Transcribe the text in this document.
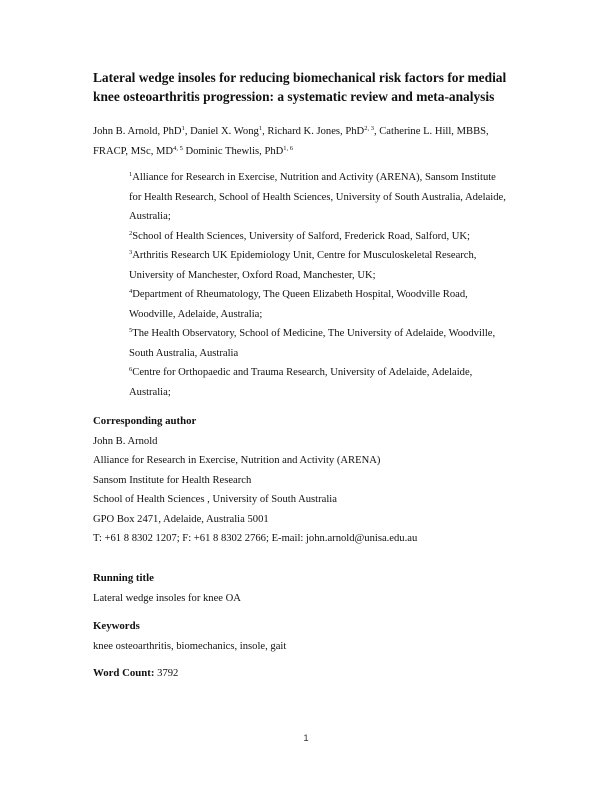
Lateral wedge insoles for reducing biomechanical risk factors for medial knee osteoarthritis progression: a systematic review and meta-analysis

John B. Arnold, PhD$^1$, Daniel X. Wong$^1$, Richard K. Jones, PhD$^{2, 3}$, Catherine L. Hill, MBBS, FRACP, MSc, MD$^{4, 5}$ Dominic Thewlis, PhD$^{1, 6}$

$^1$Alliance for Research in Exercise, Nutrition and Activity (ARENA), Sansom Institute for Health Research, School of Health Sciences, University of South Australia, Adelaide, Australia;
$^2$School of Health Sciences, University of Salford, Frederick Road, Salford, UK;
$^3$Arthritis Research UK Epidemiology Unit, Centre for Musculoskeletal Research, University of Manchester, Oxford Road, Manchester, UK;
$^4$Department of Rheumatology, The Queen Elizabeth Hospital, Woodville Road, Woodville, Adelaide, Australia;
$^5$The Health Observatory, School of Medicine, The University of Adelaide, Woodville, South Australia, Australia
$^6$Centre for Orthopaedic and Trauma Research, University of Adelaide, Adelaide, Australia;
Corresponding author
John B. Arnold
Alliance for Research in Exercise, Nutrition and Activity (ARENA)
Sansom Institute for Health Research
School of Health Sciences , University of South Australia
GPO Box 2471, Adelaide, Australia 5001
T: +61 8 8302 1207; F: +61 8 8302 2766; E-mail: john.arnold@unisa.edu.au
Running title
Lateral wedge insoles for knee OA
Keywords
knee osteoarthritis, biomechanics, insole, gait
Word Count: 3792
1
